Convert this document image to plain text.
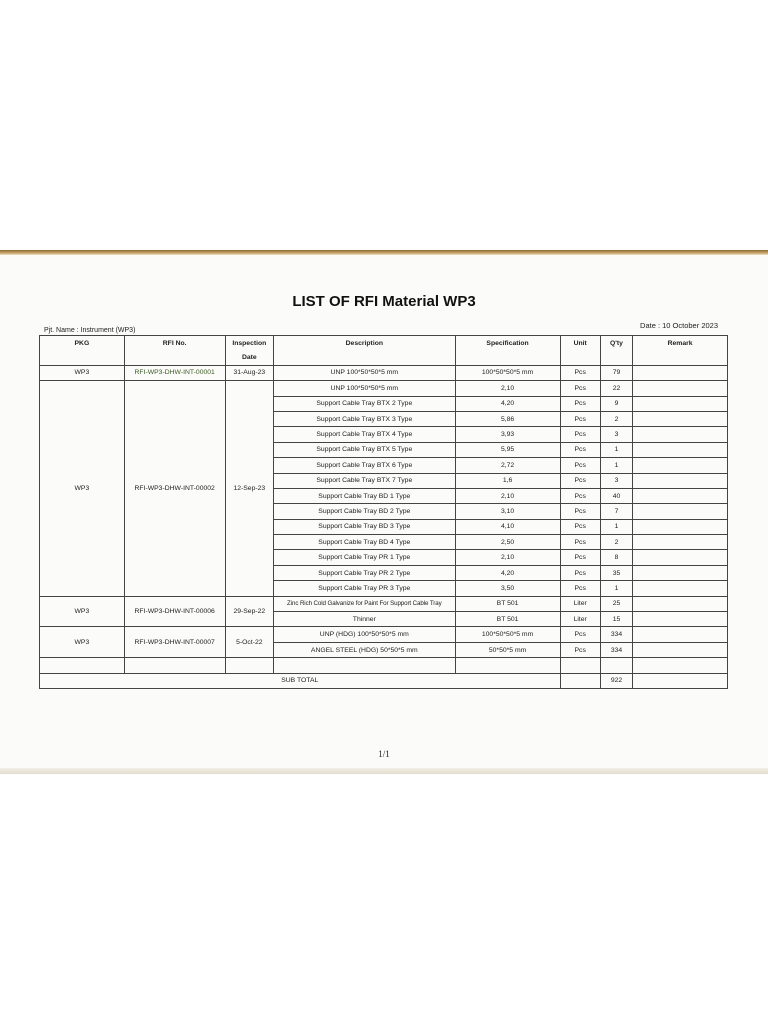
LIST OF RFI Material WP3
Pjt. Name : Instrument (WP3)
Date : 10 October 2023
PKG	RFI No.	Inspection	Description	Specification	Unit	Q'ty	Remark
		Date					
WP3	RFI-WP3-DHW-INT-00001	31-Aug-23	UNP 100*50*50*5 mm	100*50*50*5 mm	Pcs	79	
WP3	RFI-WP3-DHW-INT-00002	12-Sep-23	UNP 100*50*50*5 mm	2,10	Pcs	22	
			Support Cable Tray BTX 2 Type	4,20	Pcs	9	
			Support Cable Tray BTX 3 Type	5,86	Pcs	2	
			Support Cable Tray BTX 4 Type	3,93	Pcs	3	
			Support Cable Tray BTX 5 Type	5,95	Pcs	1	
			Support Cable Tray BTX 6 Type	2,72	Pcs	1	
			Support Cable Tray BTX 7 Type	1,6	Pcs	3	
			Support Cable Tray BD 1 Type	2,10	Pcs	40	
			Support Cable Tray BD 2 Type	3,10	Pcs	7	
			Support Cable Tray BD 3 Type	4,10	Pcs	1	
			Support Cable Tray BD 4 Type	2,50	Pcs	2	
			Support Cable Tray PR 1 Type	2,10	Pcs	8	
			Support Cable Tray PR 2 Type	4,20	Pcs	35	
			Support Cable Tray PR 3 Type	3,50	Pcs	1	
WP3	RFI-WP3-DHW-INT-00006	29-Sep-22	Zinc Rich Cold Galvanize for Paint For Support Cable Tray	BT 501	Liter	25	
			Thinner	BT 501	Liter	15	
WP3	RFI-WP3-DHW-INT-00007	5-Oct-22	UNP (HDG) 100*50*50*5 mm	100*50*50*5 mm	Pcs	334	
			ANGEL STEEL (HDG) 50*50*5 mm	50*50*5 mm	Pcs	334	

SUB TOTAL						922	
1/1
